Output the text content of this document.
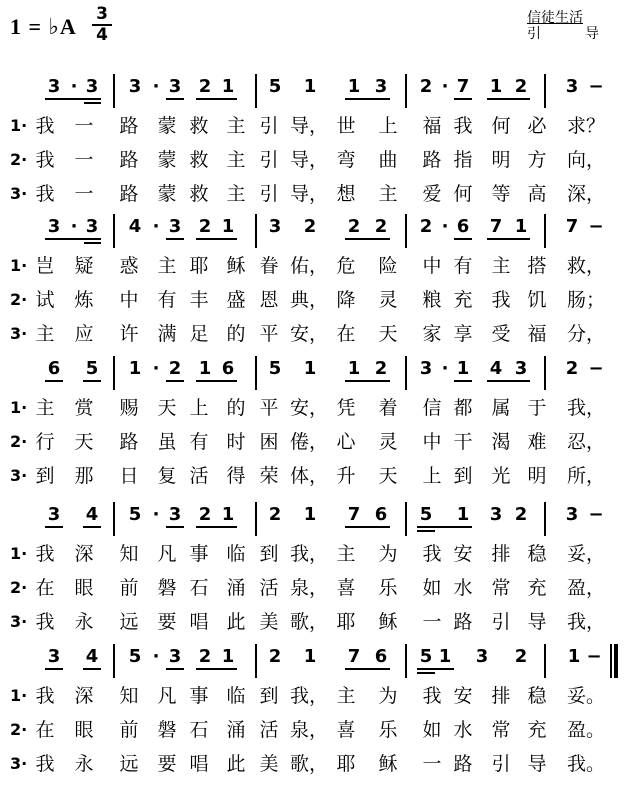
1 = ♭A 3
4
信徒生活
引	导
3 · 3 3 · 3 2 1 5 1 1 3 2 · 7 1 2 3 −
1· 我 一 路 蒙 救 主 引 导， 世 上 福 我 何 必 求？
2· 我 一 路 蒙 救 主 引 导， 弯 曲 路 指 明 方 向，
3· 我 一 路 蒙 救 主 引 导， 想 主 爱 何 等 高 深，
3 · 3 4 · 3 2 1 3 2 2 2 2 · 6 7 1 7 −
1· 岂 疑 惑 主 耶 稣 眷 佑， 危 险 中 有 主 搭 救，
2· 试 炼 中 有 丰 盛 恩 典， 降 灵 粮 充 我 饥 肠；
3· 主 应 许 满 足 的 平 安， 在 天 家 享 受 福 分，
6 5 1 · 2 1 6 5 1 1 2 3 · 1 4 3 2 −
1· 主 赏 赐 天 上 的 平 安， 凭 着 信 都 属 于 我，
2· 行 天 路 虽 有 时 困 倦， 心 灵 中 干 渴 难 忍，
3· 到 那 日 复 活 得 荣 体， 升 天 上 到 光 明 所，
3 4 5 · 3 2 1 2 1 7 6 5 1 3 2 3 −
1· 我 深 知 凡 事 临 到 我， 主 为 我 安 排 稳 妥，
2· 在 眼 前 磐 石 涌 活 泉， 喜 乐 如 水 常 充 盈，
3· 我 永 远 要 唱 此 美 歌， 耶 稣 一 路 引 导 我，
3 4 5 · 3 2 1 2 1 7 6 5 1 3 2 1 −
1· 我 深 知 凡 事 临 到 我， 主 为 我 安 排 稳 妥。
2· 在 眼 前 磐 石 涌 活 泉， 喜 乐 如 水 常 充 盈。
3· 我 永 远 要 唱 此 美 歌， 耶 稣 一 路 引 导 我。
